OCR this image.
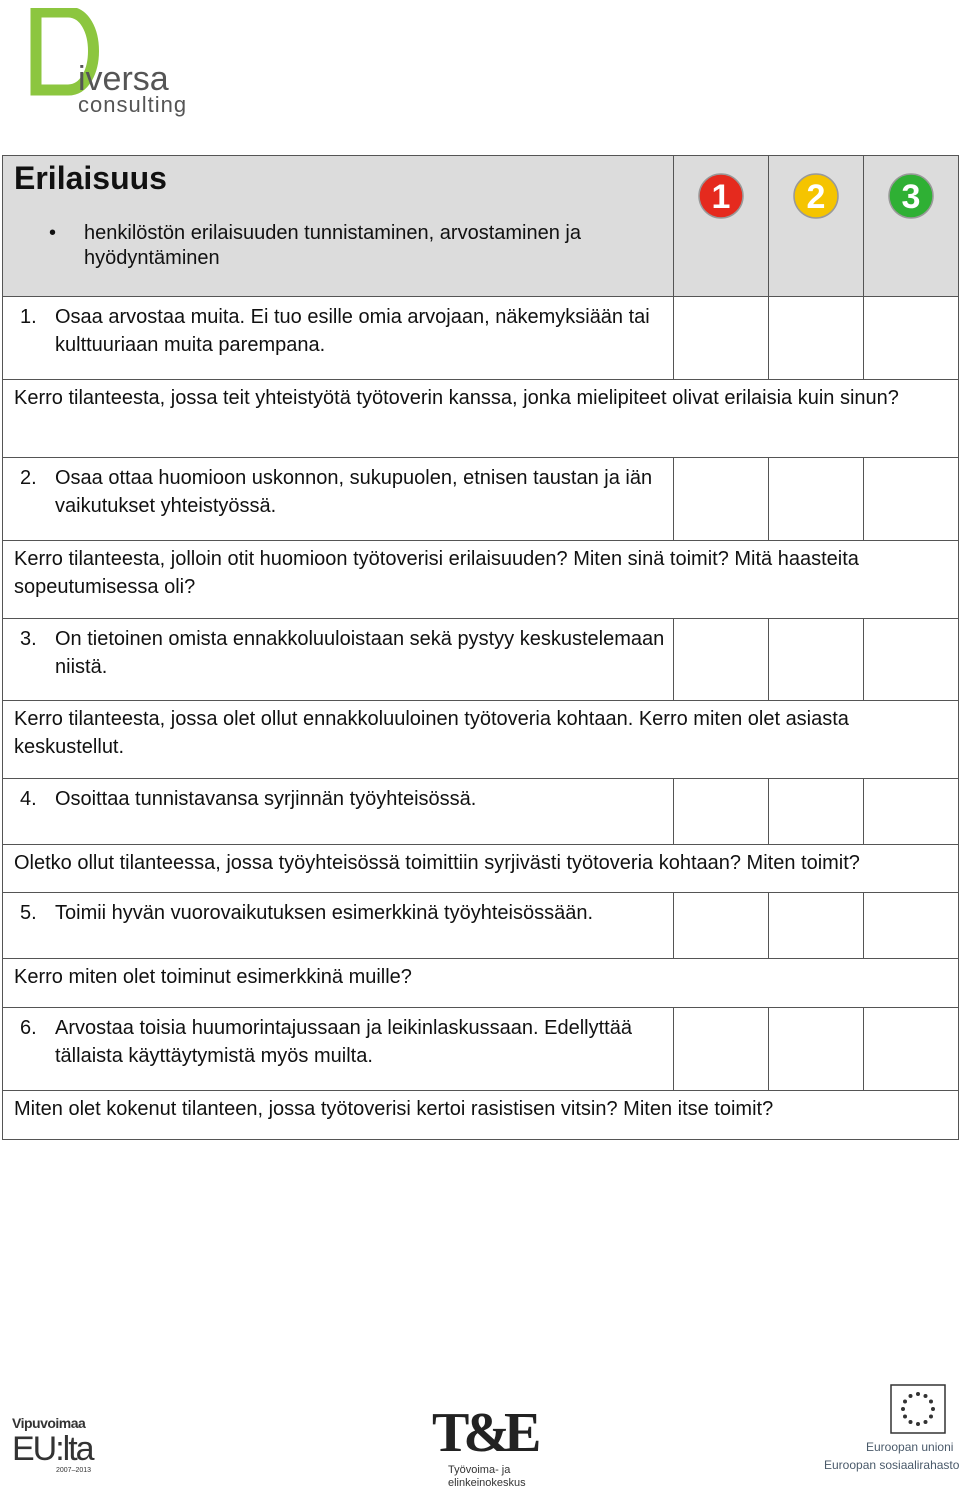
iversa
consulting
Erilaisuus
• henkilöstön erilaisuuden tunnistaminen, arvostaminen ja hyödyntäminen	1	2	3

1. Osaa arvostaa muita. Ei tuo esille omia arvojaan, näkemyksiään tai kulttuuriaan muita parempana.			

Kerro tilanteesta, jossa teit yhteistyötä työtoverin kanssa, jonka mielipiteet olivat erilaisia kuin sinun?			

2. Osaa ottaa huomioon uskonnon, sukupuolen, etnisen taustan ja iän vaikutukset yhteistyössä.			

Kerro tilanteesta, jolloin otit huomioon työtoverisi erilaisuuden? Miten sinä toimit? Mitä haasteita sopeutumisessa oli?			

3. On tietoinen omista ennakkoluuloistaan sekä pystyy keskustelemaan niistä.			

Kerro tilanteesta, jossa olet ollut ennakkoluuloinen työtoveria kohtaan. Kerro miten olet asiasta keskustellut.			

4. Osoittaa tunnistavansa syrjinnän työyhteisössä.			

Oletko ollut tilanteessa, jossa työyhteisössä toimittiin syrjivästi työtoveria kohtaan? Miten toimit?			

5. Toimii hyvän vuorovaikutuksen esimerkkinä työyhteisössään.			

Kerro miten olet toiminut esimerkkinä muille?			

6. Arvostaa toisia huumorintajussaan ja leikinlaskussaan. Edellyttää tällaista käyttäytymistä myös muilta.			

Miten olet kokenut tilanteen, jossa työtoverisi kertoi rasistisen vitsin? Miten itse toimit?			
Vipuvoimaa
EU:lta
2007–2013
T&E
Työvoima- ja
elinkeinokeskus
Euroopan unioni
Euroopan sosiaalirahasto
